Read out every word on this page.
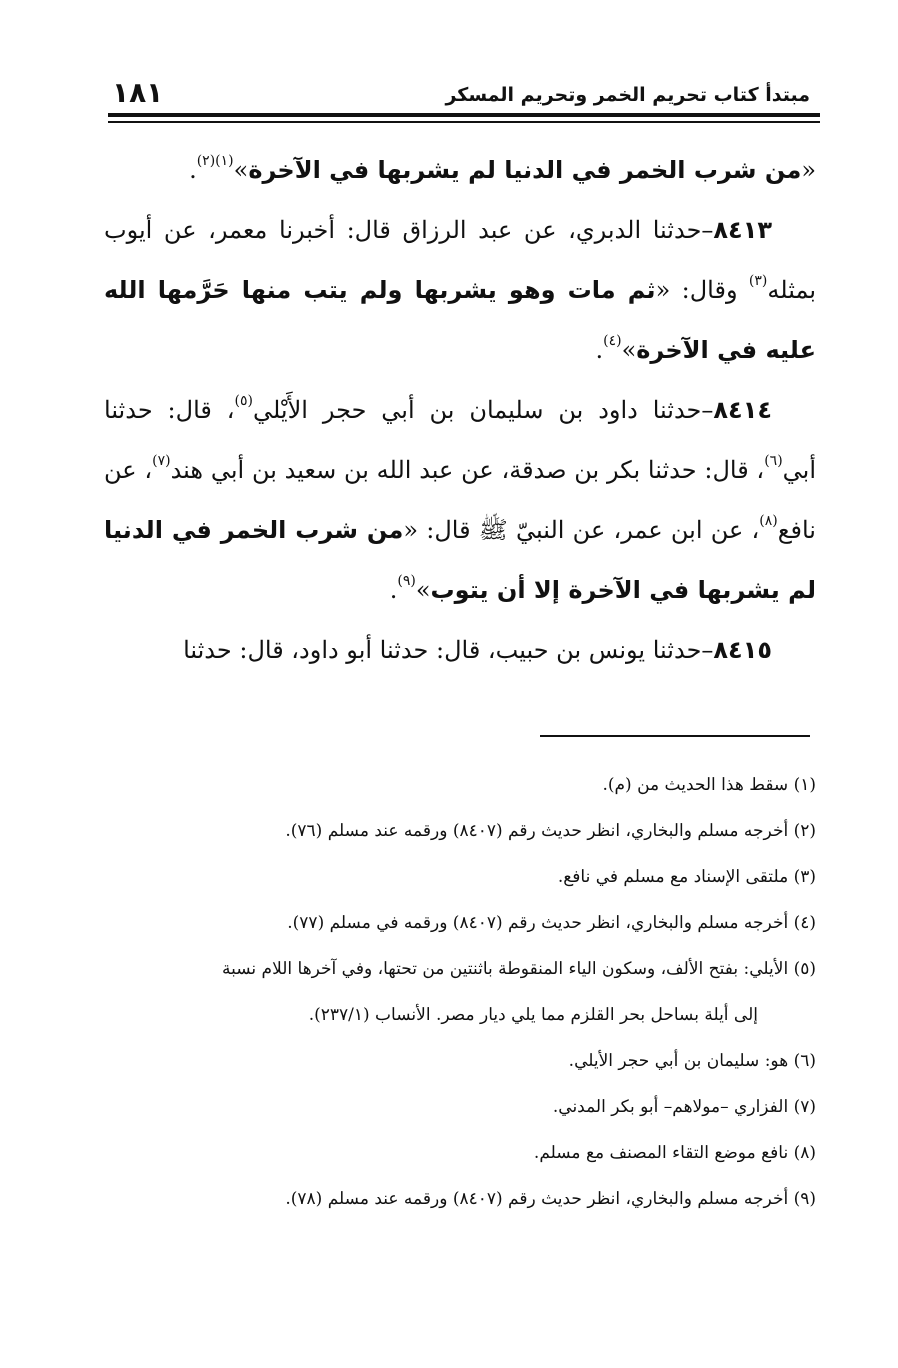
مبتدأ كتاب تحريم الخمر وتحريم المسكر
١٨١

«من شرب الخمر في الدنيا لم يشربها في الآخرة»$^{(١)(٢)}$.

٨٤١٣–حدثنا الدبري، عن عبد الرزاق قال: أخبرنا معمر، عن أيوب بمثله$^{(٣)}$ وقال: «ثم مات وهو يشربها ولم يتب منها حَرَّمها الله عليه في الآخرة»$^{(٤)}$.

٨٤١٤–حدثنا داود بن سليمان بن أبي حجر الأَيْلي$^{(٥)}$، قال: حدثنا أبي$^{(٦)}$، قال: حدثنا بكر بن صدقة، عن عبد الله بن سعيد بن أبي هند$^{(٧)}$، عن نافع$^{(٨)}$، عن ابن عمر، عن النبيّ ﷺ قال: «من شرب الخمر في الدنيا لم يشربها في الآخرة إلا أن يتوب»$^{(٩)}$.

٨٤١٥–حدثنا يونس بن حبيب، قال: حدثنا أبو داود، قال: حدثنا

(١) سقط هذا الحديث من (م).

(٢) أخرجه مسلم والبخاري، انظر حديث رقم (٨٤٠٧) ورقمه عند مسلم (٧٦).

(٣) ملتقى الإسناد مع مسلم في نافع.

(٤) أخرجه مسلم والبخاري، انظر حديث رقم (٨٤٠٧) ورقمه في مسلم (٧٧).

(٥) الأيلي: بفتح الألف، وسكون الياء المنقوطة باثنتين من تحتها، وفي آخرها اللام نسبة

إلى أيلة بساحل بحر القلزم مما يلي ديار مصر. الأنساب (٢٣٧/١).

(٦) هو: سليمان بن أبي حجر الأيلي.

(٧) الفزاري –مولاهم– أبو بكر المدني.

(٨) نافع موضع التقاء المصنف مع مسلم.

(٩) أخرجه مسلم والبخاري، انظر حديث رقم (٨٤٠٧) ورقمه عند مسلم (٧٨).
